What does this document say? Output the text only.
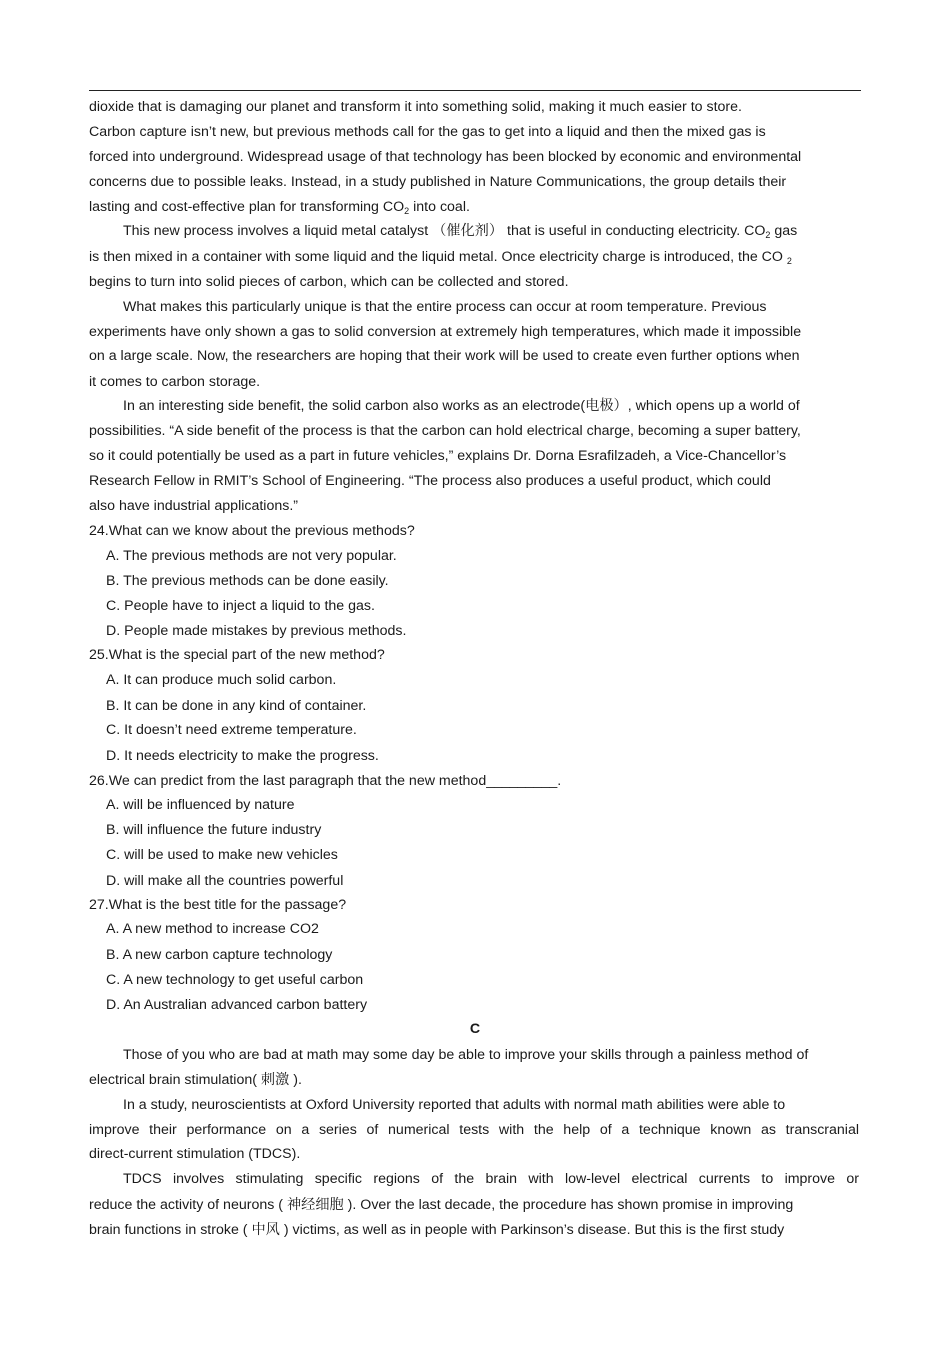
dioxide that is damaging our planet and transform it into something solid, making it much easier to store.
Carbon capture isn’t new, but previous methods call for the gas to get into a liquid and then the mixed gas is
forced into underground. Widespread usage of that technology has been blocked by economic and environmental
concerns due to possible leaks. Instead, in a study published in Nature Communications, the group details their
lasting and cost-effective plan for transforming $CO_2$ into coal.
This new process involves a liquid metal catalyst （催化剂） that is useful in conducting electricity. $CO_2$ gas
is then mixed in a container with some liquid and the liquid metal. Once electricity charge is introduced, the CO $_2$
begins to turn into solid pieces of carbon, which can be collected and stored.
What makes this particularly unique is that the entire process can occur at room temperature. Previous
experiments have only shown a gas to solid conversion at extremely high temperatures, which made it impossible
on a large scale. Now, the researchers are hoping that their work will be used to create even further options when
it comes to carbon storage.
In an interesting side benefit, the solid carbon also works as an electrode(电极）, which opens up a world of
possibilities. “A side benefit of the process is that the carbon can hold electrical charge, becoming a super battery,
so it could potentially be used as a part in future vehicles,” explains Dr. Dorna Esrafilzadeh, a Vice-Chancellor’s
Research Fellow in RMIT’s School of Engineering. “The process also produces a useful product, which could
also have industrial applications.”
24.What can we know about the previous methods?
A. The previous methods are not very popular.
B. The previous methods can be done easily.
C. People have to inject a liquid to the gas.
D. People made mistakes by previous methods.
25.What is the special part of the new method?
A. It can produce much solid carbon.
B. It can be done in any kind of container.
C. It doesn’t need extreme temperature.
D. It needs electricity to make the progress.
26.We can predict from the last paragraph that the new method_________.
A. will be influenced by nature
B. will influence the future industry
C. will be used to make new vehicles
D. will make all the countries powerful
27.What is the best title for the passage?
A. A new method to increase CO2
B. A new carbon capture technology
C. A new technology to get useful carbon
D. An Australian advanced carbon battery
C
Those of you who are bad at math may some day be able to improve your skills through a painless method of
electrical brain stimulation( 刺激 ).
In a study, neuroscientists at Oxford University reported that adults with normal math abilities were able to
improve their performance on a series of numerical tests with the help of a technique known as transcranial
direct-current stimulation (TDCS).
TDCS involves stimulating specific regions of the brain with low-level electrical currents to improve or
reduce the activity of neurons ( 神经细胞 ). Over the last decade, the procedure has shown promise in improving
brain functions in stroke ( 中风 ) victims, as well as in people with Parkinson’s disease. But this is the first study
